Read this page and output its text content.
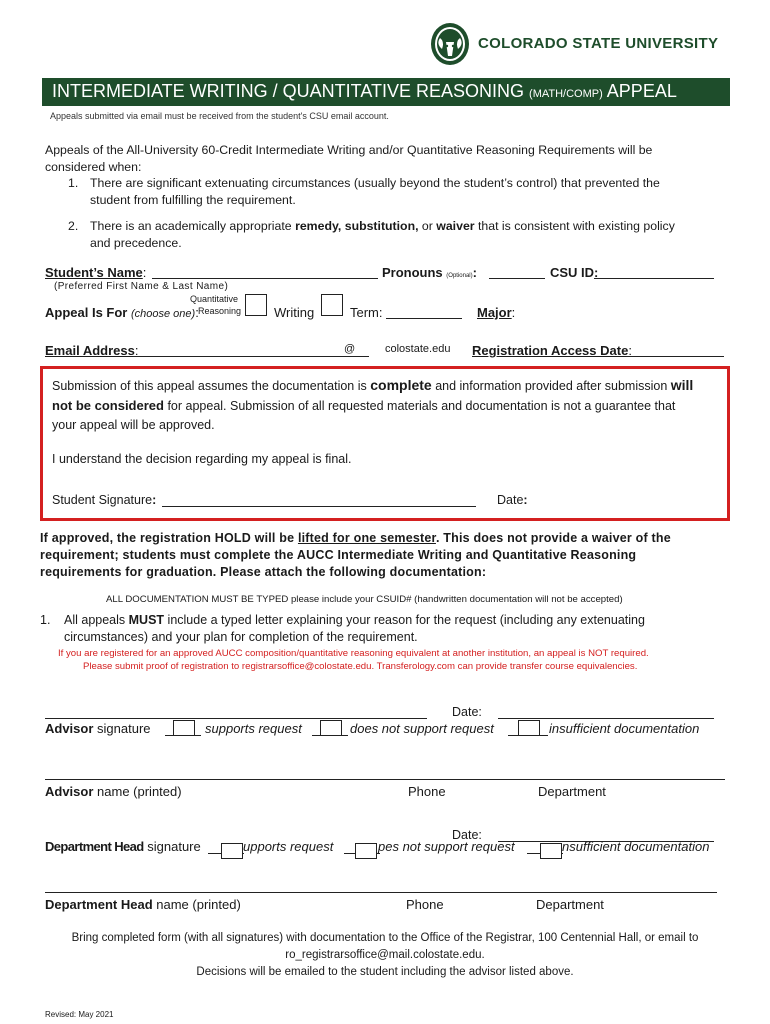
COLORADO STATE UNIVERSITY
INTERMEDIATE WRITING / QUANTITATIVE REASONING (MATH/COMP) APPEAL
Appeals submitted via email must be received from the student's CSU email account.
Appeals of the All-University 60-Credit Intermediate Writing and/or Quantitative Reasoning Requirements will be
considered when:
1. There are significant extenuating circumstances (usually beyond the student’s control) that prevented the
student from fulfilling the requirement.
2. There is an academically appropriate remedy, substitution, or waiver that is consistent with existing policy
and precedence.
Student’s Name:	Pronouns (Optional):	CSU ID:
(Preferred First Name & Last Name)
Appeal Is For (choose one):
Quantitative
Reasoning	Writing	Term:	Major:
Email Address:	@	colostate.edu Registration Access Date:
Submission of this appeal assumes the documentation is complete and information provided after submission will
not be considered for appeal. Submission of all requested materials and documentation is not a guarantee that
your appeal will be approved.
I understand the decision regarding my appeal is final.
Student Signature:	Date:
If approved, the registration HOLD will be lifted for one semester. This does not provide a waiver of the
requirement; students must complete the AUCC Intermediate Writing and Quantitative Reasoning
requirements for graduation. Please attach the following documentation:
ALL DOCUMENTATION MUST BE TYPED please include your CSUID# (handwritten documentation will not be accepted)
1. All appeals MUST include a typed letter explaining your reason for the request (including any extenuating
circumstances) and your plan for completion of the requirement.
If you are registered for an approved AUCC composition/quantitative reasoning equivalent at another institution, an appeal is NOT required.
Please submit proof of registration to registrarsoffice@colostate.edu. Transferology.com can provide transfer course equivalencies.
Date:
Advisor signature	supports request	does not support request	insufficient documentation
Advisor name (printed)	Phone	Department
Date:
Department Head signature	upports request	pes not support request	nsufficient documentation
Department Head name (printed)	Phone	Department
Bring completed form (with all signatures) with documentation to the Office of the Registrar, 100 Centennial Hall, or email to
ro_registrarsoffice@mail.colostate.edu.
Decisions will be emailed to the student including the advisor listed above.
Revised: May 2021
